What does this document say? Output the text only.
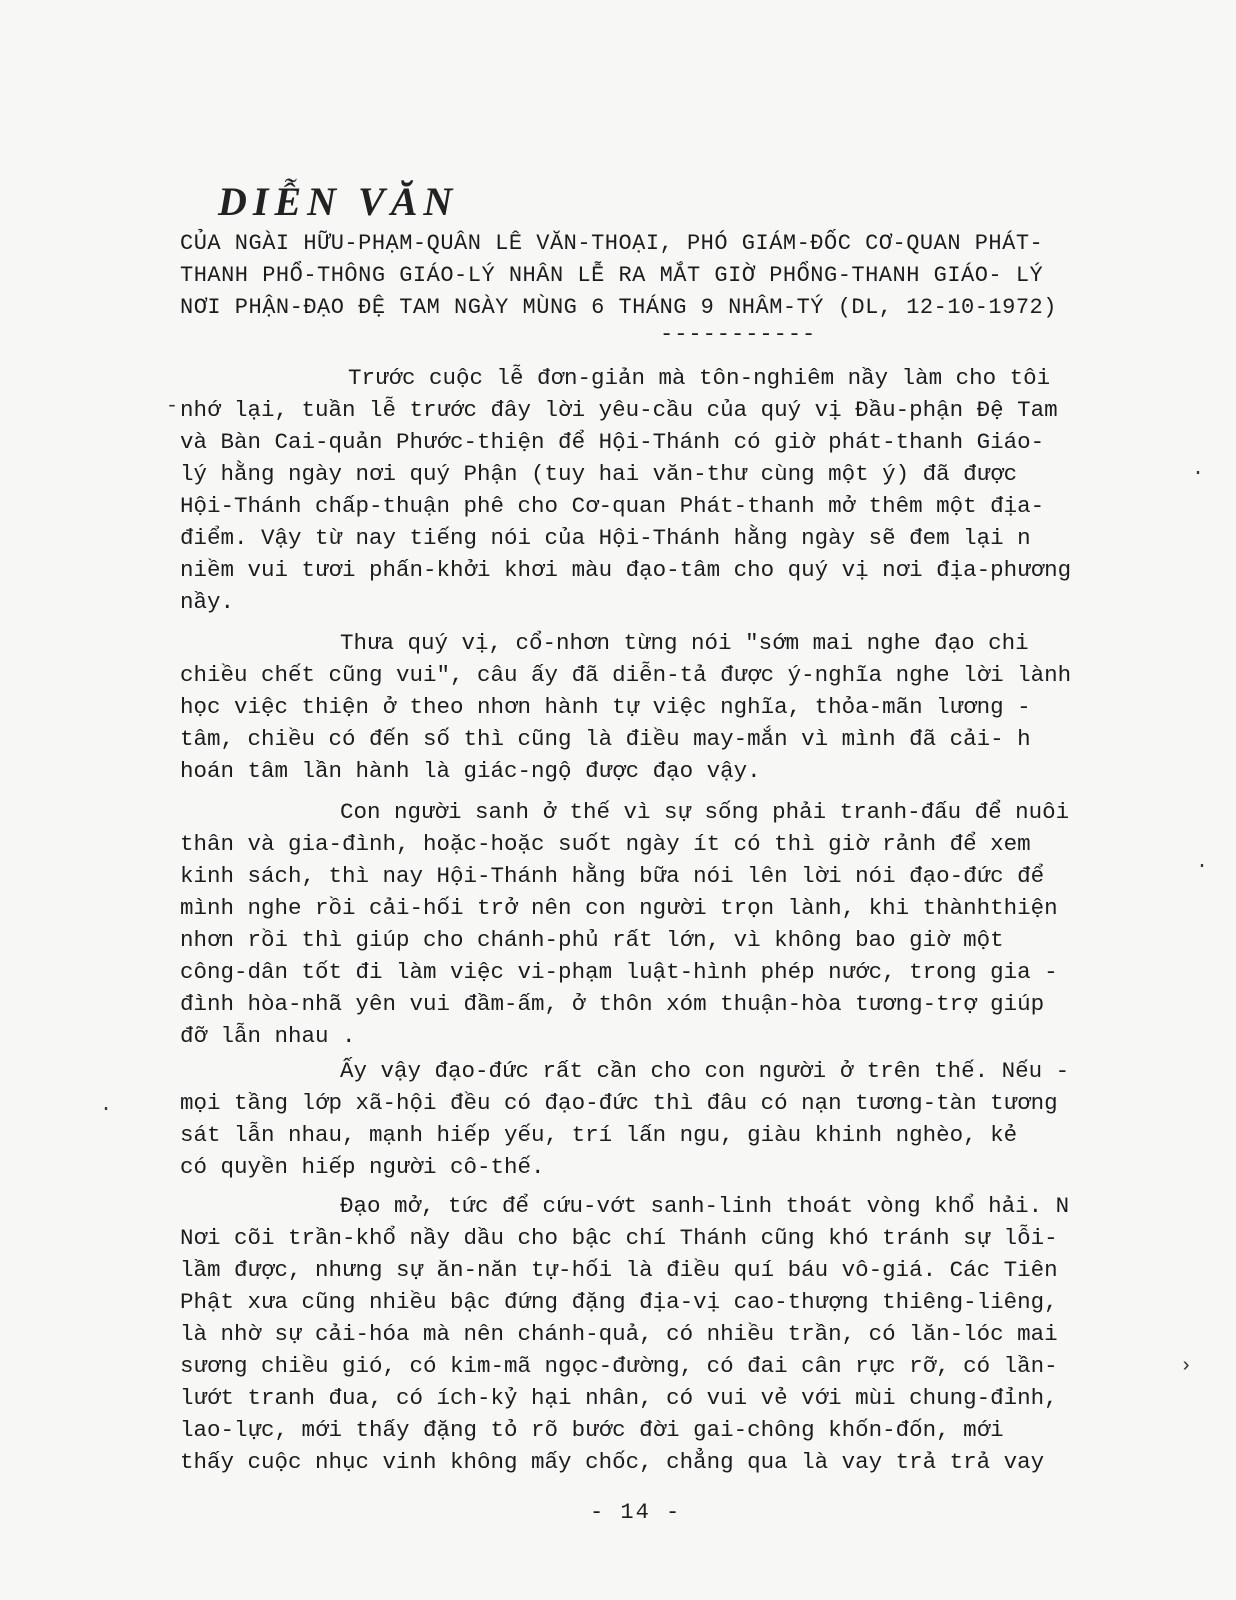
DIỄN VĂN
CỦA NGÀI HỮU-PHẠM-QUÂN LÊ VĂN-THOẠI, PHÓ GIÁM-ĐỐC CƠ-QUAN PHÁT-
THANH PHỔ-THÔNG GIÁO-LÝ NHÂN LỄ RA MẮT GIỜ PHỔNG-THANH GIÁO- LÝ
NƠI PHẬN-ĐẠO ĐỆ TAM NGÀY MÙNG 6 THÁNG 9 NHÂM-TÝ (DL, 12-10-1972)
-----------

Trước cuộc lễ đơn-giản mà tôn-nghiêm nầy làm cho tôi
nhớ lại, tuần lễ trước đây lời yêu-cầu của quý vị Đầu-phận Đệ Tam
và Bàn Cai-quản Phước-thiện để Hội-Thánh có giờ phát-thanh Giáo-
lý hằng ngày nơi quý Phận (tuy hai văn-thư cùng một ý) đã được
Hội-Thánh chấp-thuận phê cho Cơ-quan Phát-thanh mở thêm một địa-
điểm. Vậy từ nay tiếng nói của Hội-Thánh hằng ngày sẽ đem lại n
niềm vui tươi phấn-khởi khơi màu đạo-tâm cho quý vị nơi địa-phương
nầy.

Thưa quý vị, cổ-nhơn từng nói "sớm mai nghe đạo chi
chiều chết cũng vui", câu ấy đã diễn-tả được ý-nghĩa nghe lời lành
học việc thiện ở theo nhơn hành tự việc nghĩa, thỏa-mãn lương -
tâm, chiều có đến số thì cũng là điều may-mắn vì mình đã cải- h
hoán tâm lần hành là giác-ngộ được đạo vậy.

Con người sanh ở thế vì sự sống phải tranh-đấu để nuôi
thân và gia-đình, hoặc-hoặc suốt ngày ít có thì giờ rảnh để xem
kinh sách, thì nay Hội-Thánh hằng bữa nói lên lời nói đạo-đức để
mình nghe rồi cải-hối trở nên con người trọn lành, khi thànhthiện
nhơn rồi thì giúp cho chánh-phủ rất lớn, vì không bao giờ một
công-dân tốt đi làm việc vi-phạm luật-hình phép nước, trong gia -
đình hòa-nhã yên vui đầm-ấm, ở thôn xóm thuận-hòa tương-trợ giúp
đỡ lẫn nhau .

Ấy vậy đạo-đức rất cần cho con người ở trên thế. Nếu -
mọi tầng lớp xã-hội đều có đạo-đức thì đâu có nạn tương-tàn tương
sát lẫn nhau, mạnh hiếp yếu, trí lấn ngu, giàu khinh nghèo, kẻ
có quyền hiếp người cô-thế.

Đạo mở, tức để cứu-vớt sanh-linh thoát vòng khổ hải. N
Nơi cõi trần-khổ nầy dầu cho bậc chí Thánh cũng khó tránh sự lỗi-
lầm được, nhưng sự ăn-năn tự-hối là điều quí báu vô-giá. Các Tiên
Phật xưa cũng nhiều bậc đứng đặng địa-vị cao-thượng thiêng-liêng,
là nhờ sự cải-hóa mà nên chánh-quả, có nhiều trần, có lăn-lóc mai
sương chiều gió, có kim-mã ngọc-đường, có đai cân rực rỡ, có lần-
lướt tranh đua, có ích-kỷ hại nhân, có vui vẻ với mùi chung-đỉnh,
lao-lực, mới thấy đặng tỏ rõ bước đời gai-chông khốn-đốn, mới
thấy cuộc nhục vinh không mấy chốc, chẳng qua là vay trả trả vay

- 14 -
-
·
·
›
·
